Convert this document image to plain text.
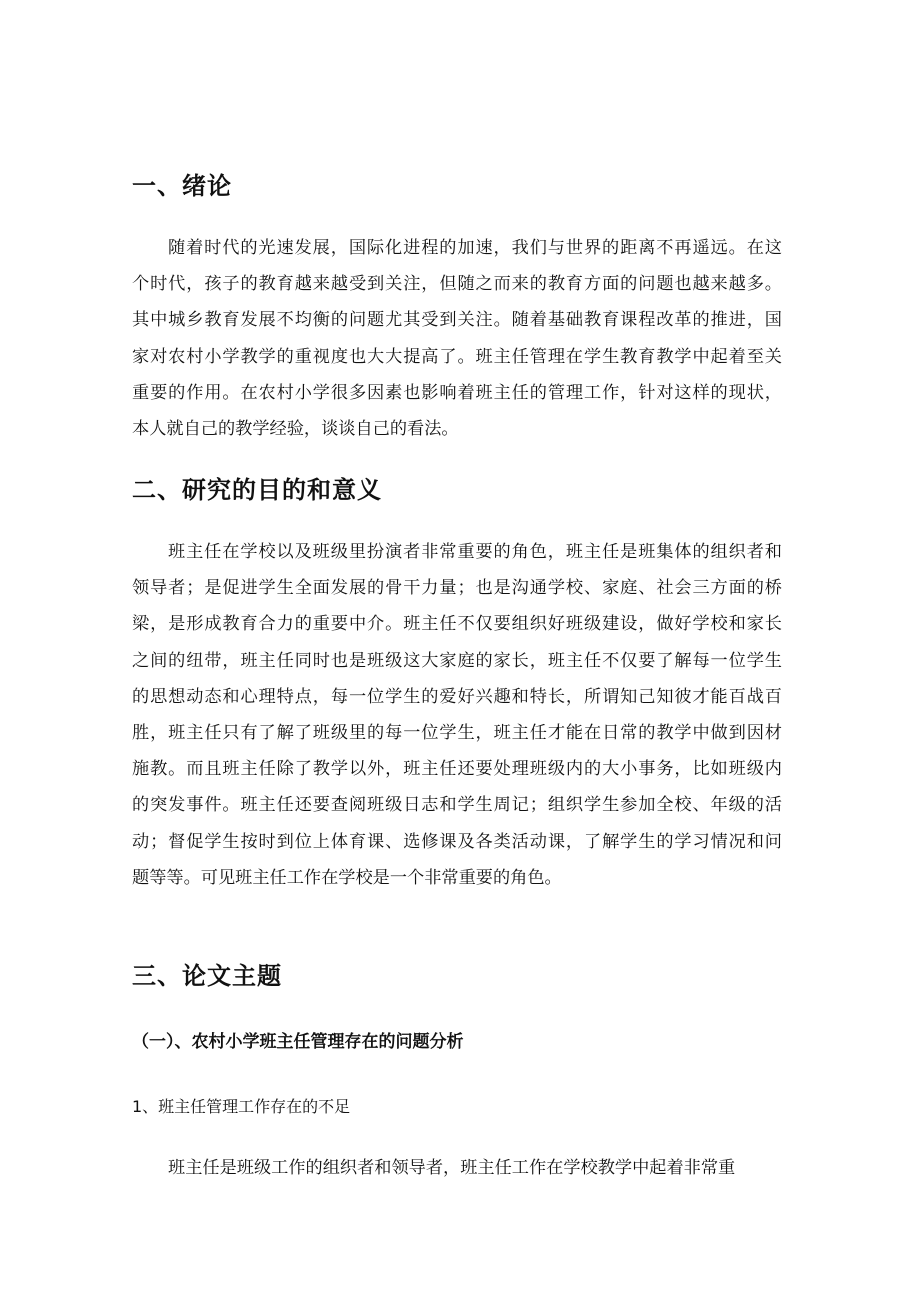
一、绪论
随着时代的光速发展，国际化进程的加速，我们与世界的距离不再遥远。在这
个时代，孩子的教育越来越受到关注，但随之而来的教育方面的问题也越来越多。
其中城乡教育发展不均衡的问题尤其受到关注。随着基础教育课程改革的推进，国
家对农村小学教学的重视度也大大提高了。班主任管理在学生教育教学中起着至关
重要的作用。在农村小学很多因素也影响着班主任的管理工作，针对这样的现状，
本人就自己的教学经验，谈谈自己的看法。
二、研究的目的和意义
班主任在学校以及班级里扮演者非常重要的角色，班主任是班集体的组织者和
领导者；是促进学生全面发展的骨干力量；也是沟通学校、家庭、社会三方面的桥
梁，是形成教育合力的重要中介。班主任不仅要组织好班级建设，做好学校和家长
之间的纽带，班主任同时也是班级这大家庭的家长，班主任不仅要了解每一位学生
的思想动态和心理特点，每一位学生的爱好兴趣和特长，所谓知己知彼才能百战百
胜，班主任只有了解了班级里的每一位学生，班主任才能在日常的教学中做到因材
施教。而且班主任除了教学以外，班主任还要处理班级内的大小事务，比如班级内
的突发事件。班主任还要查阅班级日志和学生周记；组织学生参加全校、年级的活
动；督促学生按时到位上体育课、选修课及各类活动课，了解学生的学习情况和问
题等等。可见班主任工作在学校是一个非常重要的角色。
三、论文主题
（一）、农村小学班主任管理存在的问题分析
1、班主任管理工作存在的不足
班主任是班级工作的组织者和领导者，班主任工作在学校教学中起着非常重
